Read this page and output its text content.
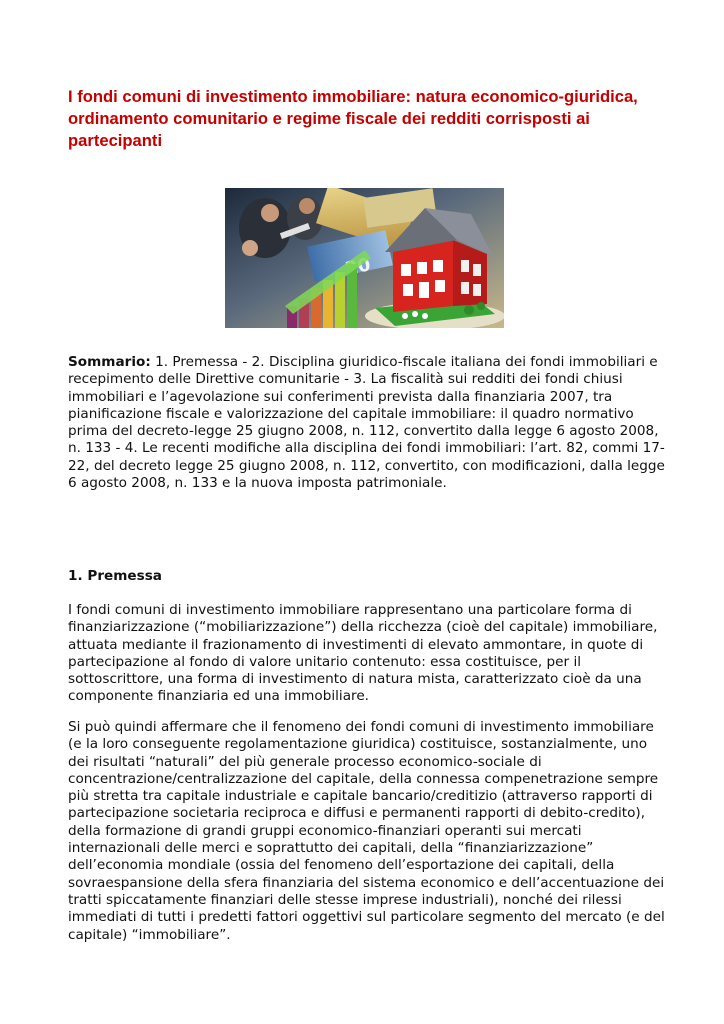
I fondi comuni di investimento immobiliare: natura economico-giuridica, ordinamento comunitario e regime fiscale dei redditi corrisposti ai partecipanti

Sommario: 1. Premessa - 2. Disciplina giuridico-fiscale italiana dei fondi immobiliari e recepimento delle Direttive comunitarie - 3. La fiscalità sui redditi dei fondi chiusi immobiliari e l’agevolazione sui conferimenti prevista dalla finanziaria 2007, tra pianificazione fiscale e valorizzazione del capitale immobiliare: il quadro normativo prima del decreto-legge 25 giugno 2008, n. 112, convertito dalla legge 6 agosto 2008, n. 133 - 4. Le recenti modifiche alla disciplina dei fondi immobiliari: l’art. 82, commi 17-22, del decreto legge 25 giugno 2008, n. 112, convertito, con modificazioni, dalla legge 6 agosto 2008, n. 133 e la nuova imposta patrimoniale.

1. Premessa

I fondi comuni di investimento immobiliare rappresentano una particolare forma di finanziarizzazione (“mobiliarizzazione”) della ricchezza (cioè del capitale) immobiliare, attuata mediante il frazionamento di investimenti di elevato ammontare, in quote di partecipazione al fondo di valore unitario contenuto: essa costituisce, per il sottoscrittore, una forma di investimento di natura mista, caratterizzato cioè da una componente finanziaria ed una immobiliare.

Si può quindi affermare che il fenomeno dei fondi comuni di investimento immobiliare (e la loro conseguente regolamentazione giuridica) costituisce, sostanzialmente, uno dei risultati “naturali” del più generale processo economico-sociale di concentrazione/centralizzazione del capitale, della connessa compenetrazione sempre più stretta tra capitale industriale e capitale bancario/creditizio (attraverso rapporti di partecipazione societaria reciproca e diffusi e permanenti rapporti di debito-credito), della formazione di grandi gruppi economico-finanziari operanti sui mercati internazionali delle merci e soprattutto dei capitali, della “finanziarizzazione” dell’economia mondiale (ossia del fenomeno dell’esportazione dei capitali, della sovraespansione della sfera finanziaria del sistema economico e dell’accentuazione dei tratti spiccatamente finanziari delle stesse imprese industriali), nonché dei rilessi immediati di tutti i predetti fattori oggettivi sul particolare segmento del mercato (e del capitale) “immobiliare”.
